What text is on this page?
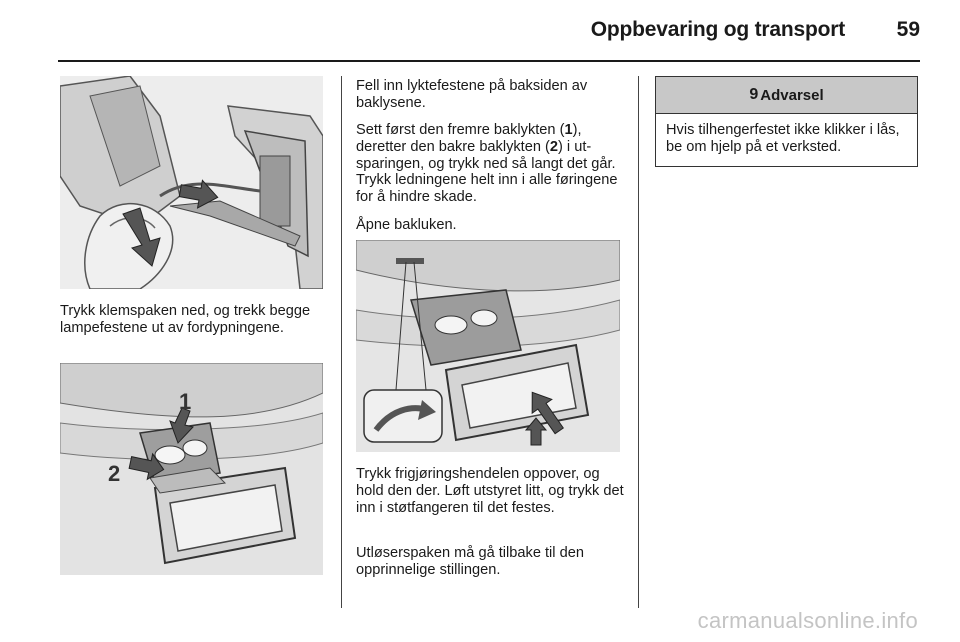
Oppbevaring og transport	59

Trykk klemspaken ned, og trekk begge lampefestene ut av fordypningene.

1
2

Fell inn lyktefestene på baksiden av baklysene.

Sett først den fremre baklykten (1), deretter den bakre baklykten (2) i utsparingen, og trykk ned så langt det går. Trykk ledningene helt inn i alle føringene for å hindre skade.

Åpne bakluken.

Trykk frigjøringshendelen oppover, og hold den der. Løft utstyret litt, og trykk det inn i støtfangeren til det festes.

Utløserspaken må gå tilbake til den opprinnelige stillingen.

9 Advarsel
Hvis tilhengerfestet ikke klikker i lås, be om hjelp på et verksted.
carmanualsonline.info
